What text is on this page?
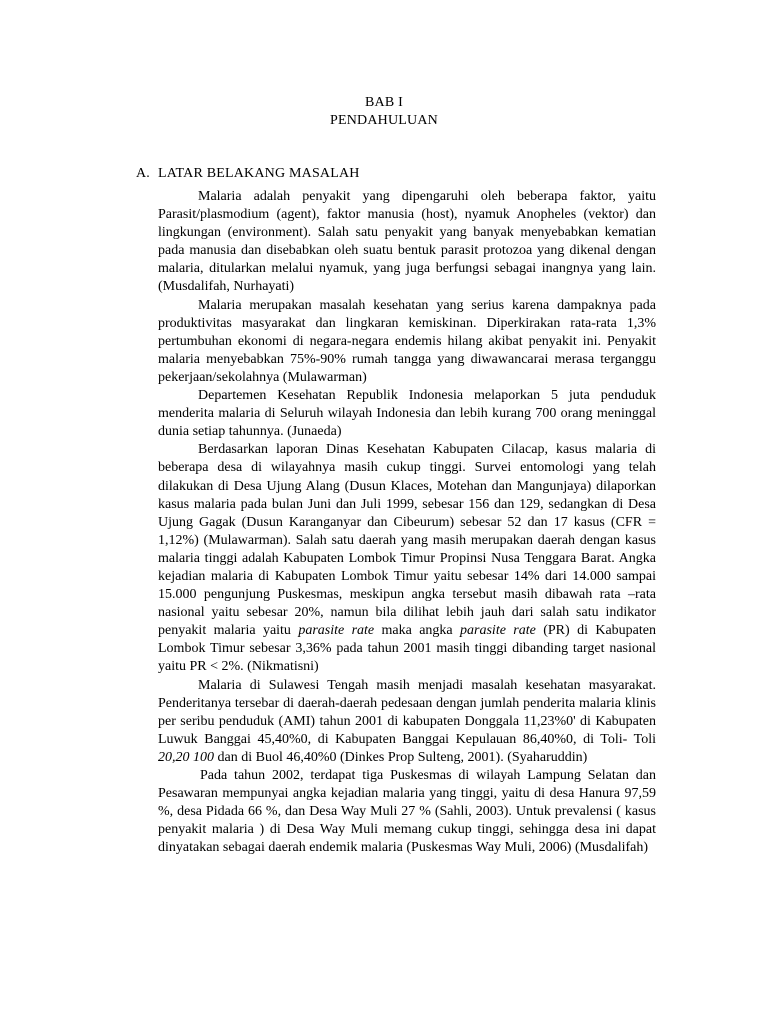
BAB I
PENDAHULUAN
A. LATAR BELAKANG MASALAH

Malaria adalah penyakit yang dipengaruhi oleh beberapa faktor, yaitu Parasit/plasmodium (agent), faktor manusia (host), nyamuk Anopheles (vektor) dan lingkungan (environment). Salah satu penyakit yang banyak menyebabkan kematian pada manusia dan disebabkan oleh suatu bentuk parasit protozoa yang dikenal dengan malaria, ditularkan melalui nyamuk, yang juga berfungsi sebagai inangnya yang lain. (Musdalifah, Nurhayati)

Malaria merupakan masalah kesehatan yang serius karena dampaknya pada produktivitas masyarakat dan lingkaran kemiskinan. Diperkirakan rata-rata 1,3% pertumbuhan ekonomi di negara-negara endemis hilang akibat penyakit ini. Penyakit malaria menyebabkan 75%-90% rumah tangga yang diwawancarai merasa terganggu pekerjaan/sekolahnya (Mulawarman)

Departemen Kesehatan Republik Indonesia melaporkan 5 juta penduduk menderita malaria di Seluruh wilayah Indonesia dan lebih kurang 700 orang meninggal dunia setiap tahunnya. (Junaeda)

Berdasarkan laporan Dinas Kesehatan Kabupaten Cilacap, kasus malaria di beberapa desa di wilayahnya masih cukup tinggi. Survei entomologi yang telah dilakukan di Desa Ujung Alang (Dusun Klaces, Motehan dan Mangunjaya) dilaporkan kasus malaria pada bulan Juni dan Juli 1999, sebesar 156 dan 129, sedangkan di Desa Ujung Gagak (Dusun Karanganyar dan Cibeurum) sebesar 52 dan 17 kasus (CFR = 1,12%) (Mulawarman). Salah satu daerah yang masih merupakan daerah dengan kasus malaria tinggi adalah Kabupaten Lombok Timur Propinsi Nusa Tenggara Barat. Angka kejadian malaria di Kabupaten Lombok Timur yaitu sebesar 14% dari 14.000 sampai 15.000 pengunjung Puskesmas, meskipun angka tersebut masih dibawah rata –rata nasional yaitu sebesar 20%, namun bila dilihat lebih jauh dari salah satu indikator penyakit malaria yaitu parasite rate maka angka parasite rate (PR) di Kabupaten Lombok Timur sebesar 3,36% pada tahun 2001 masih tinggi dibanding target nasional yaitu PR < 2%. (Nikmatisni)

Malaria di Sulawesi Tengah masih menjadi masalah kesehatan masyarakat. Penderitanya tersebar di daerah-daerah pedesaan dengan jumlah penderita malaria klinis per seribu penduduk (AMI) tahun 2001 di kabupaten Donggala 11,23%0' di Kabupaten Luwuk Banggai 45,40%0, di Kabupaten Banggai Kepulauan 86,40%0, di Toli- Toli 20,20 100 dan di Buol 46,40%0 (Dinkes Prop Sulteng, 2001). (Syaharuddin)

Pada tahun 2002, terdapat tiga Puskesmas di wilayah Lampung Selatan dan Pesawaran mempunyai angka kejadian malaria yang tinggi, yaitu di desa Hanura 97,59 %, desa Pidada 66 %, dan Desa Way Muli 27 % (Sahli, 2003). Untuk prevalensi ( kasus penyakit malaria ) di Desa Way Muli memang cukup tinggi, sehingga desa ini dapat dinyatakan sebagai daerah endemik malaria (Puskesmas Way Muli, 2006) (Musdalifah)
